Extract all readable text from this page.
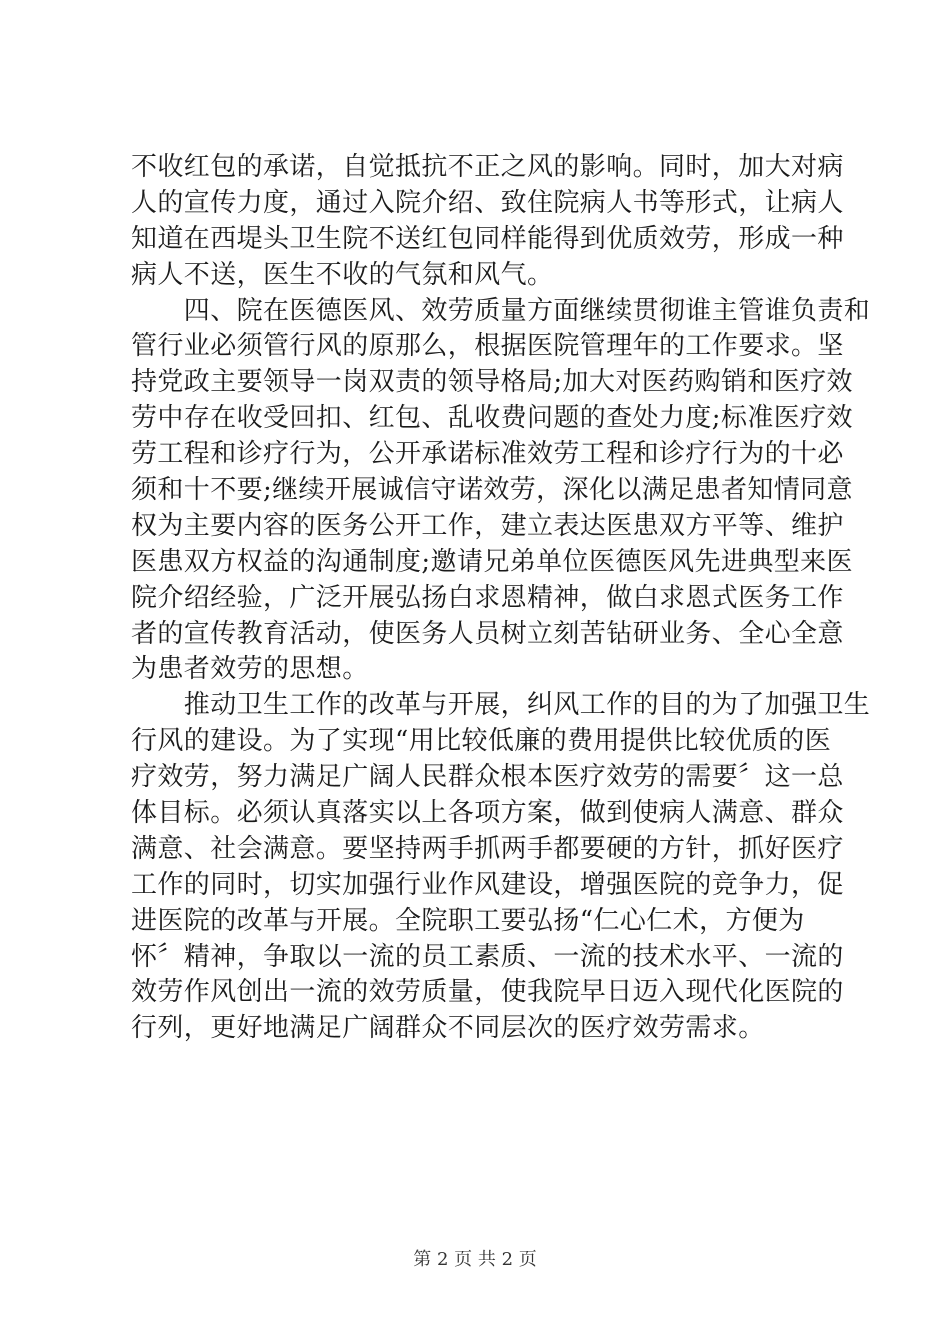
不收红包的承诺，自觉抵抗不正之风的影响。同时，加大对病
人的宣传力度，通过入院介绍、致住院病人书等形式，让病人
知道在西堤头卫生院不送红包同样能得到优质效劳，形成一种
病人不送，医生不收的气氛和风气。
　　四、院在医德医风、效劳质量方面继续贯彻谁主管谁负责和
管行业必须管行风的原那么，根据医院管理年的工作要求。坚
持党政主要领导一岗双责的领导格局;加大对医药购销和医疗效
劳中存在收受回扣、红包、乱收费问题的查处力度;标准医疗效
劳工程和诊疗行为，公开承诺标准效劳工程和诊疗行为的十必
须和十不要;继续开展诚信守诺效劳，深化以满足患者知情同意
权为主要内容的医务公开工作，建立表达医患双方平等、维护
医患双方权益的沟通制度;邀请兄弟单位医德医风先进典型来医
院介绍经验，广泛开展弘扬白求恩精神，做白求恩式医务工作
者的宣传教育活动，使医务人员树立刻苦钻研业务、全心全意
为患者效劳的思想。
　　推动卫生工作的改革与开展，纠风工作的目的为了加强卫生
行风的建设。为了实现“用比较低廉的费用提供比较优质的医
疗效劳，努力满足广阔人民群众根本医疗效劳的需要〞这一总
体目标。必须认真落实以上各项方案，做到使病人满意、群众
满意、社会满意。要坚持两手抓两手都要硬的方针，抓好医疗
工作的同时，切实加强行业作风建设，增强医院的竞争力，促
进医院的改革与开展。全院职工要弘扬“仁心仁术，方便为
怀〞精神，争取以一流的员工素质、一流的技术水平、一流的
效劳作风创出一流的效劳质量，使我院早日迈入现代化医院的
行列，更好地满足广阔群众不同层次的医疗效劳需求。
第 2 页 共 2 页
